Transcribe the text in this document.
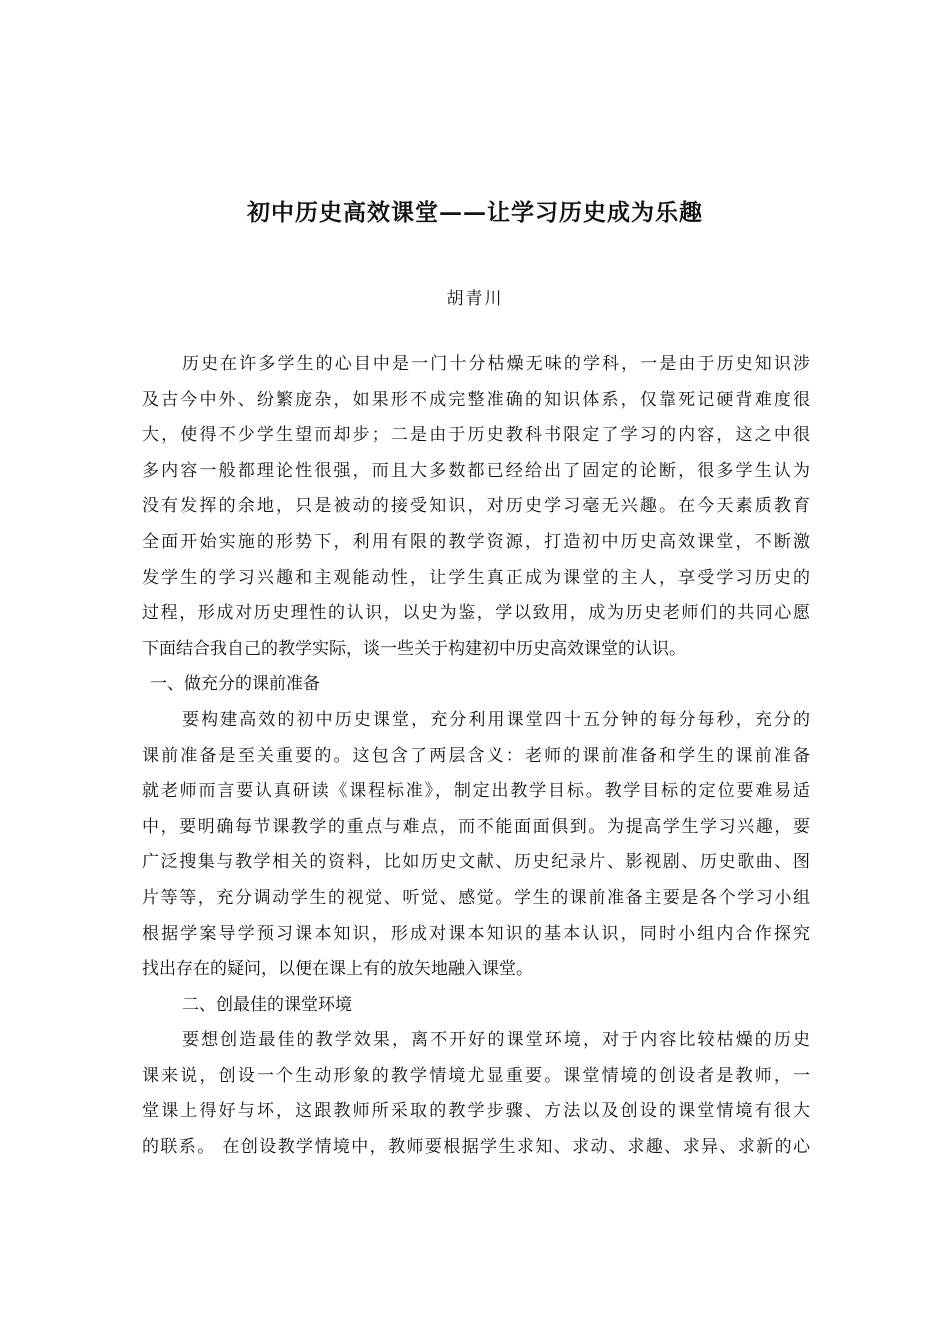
初中历史高效课堂——让学习历史成为乐趣
胡青川
历史在许多学生的心目中是一门十分枯燥无味的学科，一是由于历史知识涉
及古今中外、纷繁庞杂，如果形不成完整准确的知识体系，仅靠死记硬背难度很
大，使得不少学生望而却步；二是由于历史教科书限定了学习的内容，这之中很
多内容一般都理论性很强，而且大多数都已经给出了固定的论断，很多学生认为
没有发挥的余地，只是被动的接受知识，对历史学习毫无兴趣。在今天素质教育
全面开始实施的形势下，利用有限的教学资源，打造初中历史高效课堂，不断激
发学生的学习兴趣和主观能动性，让学生真正成为课堂的主人，享受学习历史的
过程，形成对历史理性的认识，以史为鉴，学以致用，成为历史老师们的共同心愿
下面结合我自己的教学实际，谈一些关于构建初中历史高效课堂的认识。
一、做充分的课前准备
要构建高效的初中历史课堂，充分利用课堂四十五分钟的每分每秒，充分的
课前准备是至关重要的。这包含了两层含义：老师的课前准备和学生的课前准备
就老师而言要认真研读《课程标准》，制定出教学目标。教学目标的定位要难易适
中，要明确每节课教学的重点与难点，而不能面面俱到。为提高学生学习兴趣，要
广泛搜集与教学相关的资料，比如历史文献、历史纪录片、影视剧、历史歌曲、图
片等等，充分调动学生的视觉、听觉、感觉。学生的课前准备主要是各个学习小组
根据学案导学预习课本知识，形成对课本知识的基本认识，同时小组内合作探究
找出存在的疑问，以便在课上有的放矢地融入课堂。
二、创最佳的课堂环境
要想创造最佳的教学效果，离不开好的课堂环境，对于内容比较枯燥的历史
课来说，创设一个生动形象的教学情境尤显重要。课堂情境的创设者是教师，一
堂课上得好与坏，这跟教师所采取的教学步骤、方法以及创设的课堂情境有很大
的联系。 在创设教学情境中，教师要根据学生求知、求动、求趣、求异、求新的心
